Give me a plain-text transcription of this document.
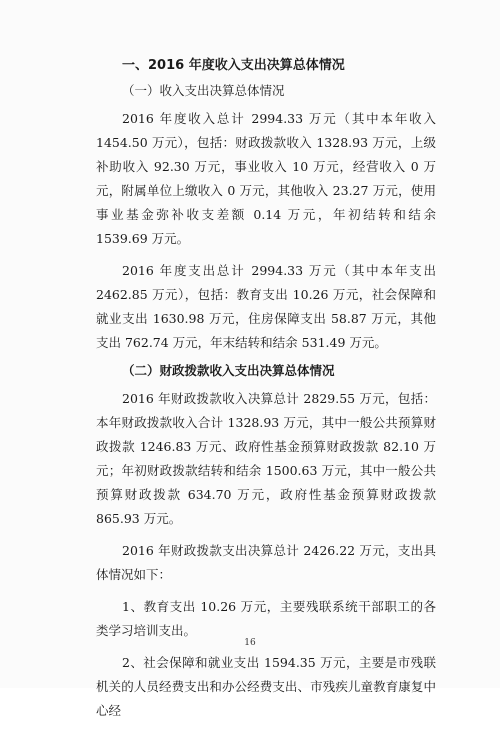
一、2016 年度收入支出决算总体情况
（一）收入支出决算总体情况

2016 年度收入总计 2994.33 万元（其中本年收入 1454.50 万元），包括：财政拨款收入 1328.93 万元，上级补助收入 92.30 万元，事业收入 10 万元，经营收入 0 万元，附属单位上缴收入 0 万元，其他收入 23.27 万元，使用事业基金弥补收支差额 0.14 万元，年初结转和结余 1539.69 万元。

2016 年度支出总计 2994.33 万元（其中本年支出 2462.85 万元），包括：教育支出 10.26 万元，社会保障和就业支出 1630.98 万元，住房保障支出 58.87 万元，其他支出 762.74 万元，年末结转和结余 531.49 万元。

（二）财政拨款收入支出决算总体情况

2016 年财政拨款收入决算总计 2829.55 万元，包括：本年财政拨款收入合计 1328.93 万元，其中一般公共预算财政拨款 1246.83 万元、政府性基金预算财政拨款 82.10 万元；年初财政拨款结转和结余 1500.63 万元，其中一般公共预算财政拨款 634.70 万元，政府性基金预算财政拨款 865.93 万元。

2016 年财政拨款支出决算总计 2426.22 万元，支出具体情况如下：

1、教育支出 10.26 万元，主要残联系统干部职工的各类学习培训支出。

2、社会保障和就业支出 1594.35 万元，主要是市残联机关的人员经费支出和办公经费支出、市残疾儿童教育康复中心经

16
